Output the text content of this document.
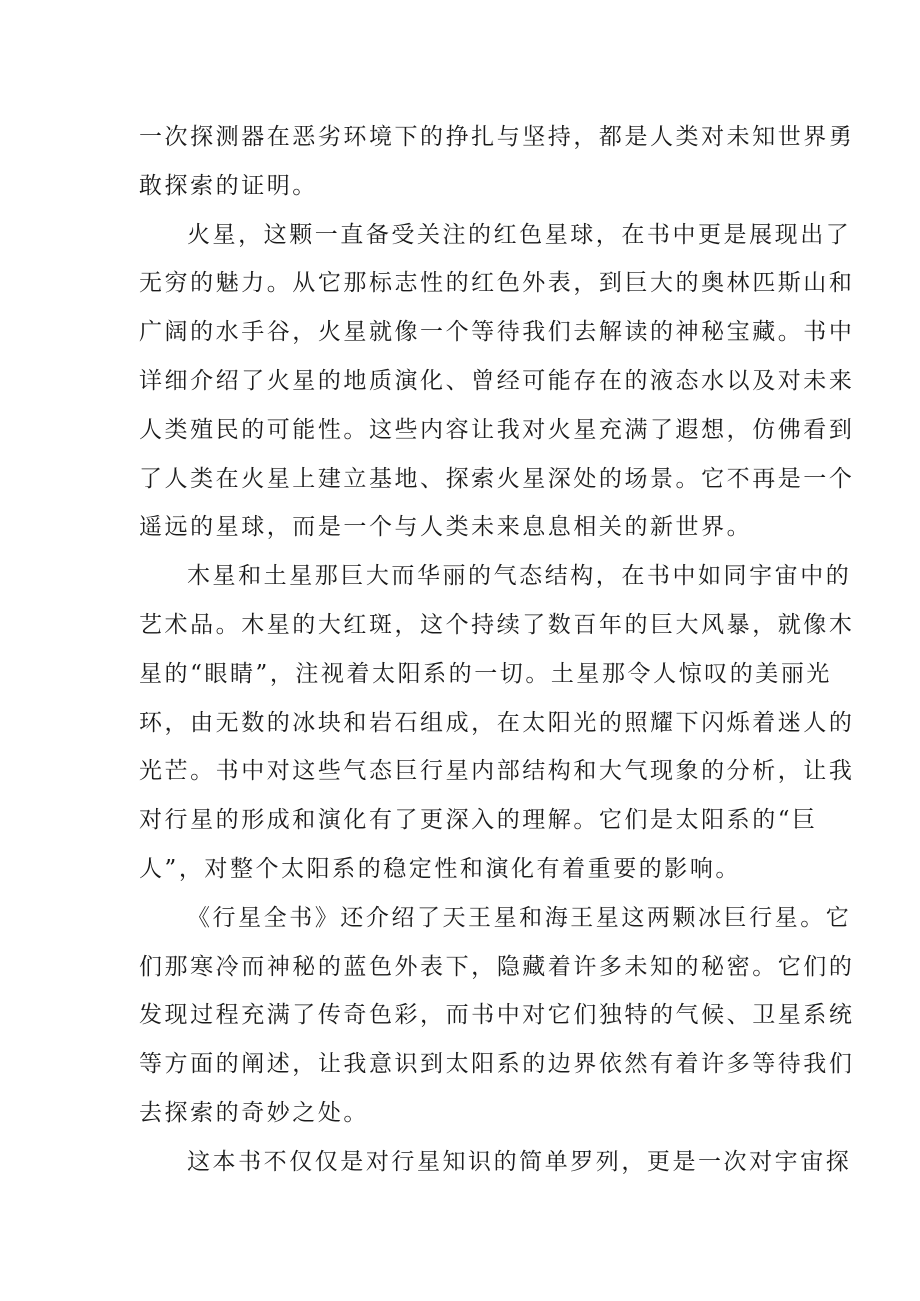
一次探测器在恶劣环境下的挣扎与坚持，都是人类对未知世界勇
敢探索的证明。
火星，这颗一直备受关注的红色星球，在书中更是展现出了
无穷的魅力。从它那标志性的红色外表，到巨大的奥林匹斯山和
广阔的水手谷，火星就像一个等待我们去解读的神秘宝藏。书中
详细介绍了火星的地质演化、曾经可能存在的液态水以及对未来
人类殖民的可能性。这些内容让我对火星充满了遐想，仿佛看到
了人类在火星上建立基地、探索火星深处的场景。它不再是一个
遥远的星球，而是一个与人类未来息息相关的新世界。
木星和土星那巨大而华丽的气态结构，在书中如同宇宙中的
艺术品。木星的大红斑，这个持续了数百年的巨大风暴，就像木
星的“眼睛”，注视着太阳系的一切。土星那令人惊叹的美丽光
环，由无数的冰块和岩石组成，在太阳光的照耀下闪烁着迷人的
光芒。书中对这些气态巨行星内部结构和大气现象的分析，让我
对行星的形成和演化有了更深入的理解。它们是太阳系的“巨
人”，对整个太阳系的稳定性和演化有着重要的影响。
《行星全书》还介绍了天王星和海王星这两颗冰巨行星。它
们那寒冷而神秘的蓝色外表下，隐藏着许多未知的秘密。它们的
发现过程充满了传奇色彩，而书中对它们独特的气候、卫星系统
等方面的阐述，让我意识到太阳系的边界依然有着许多等待我们
去探索的奇妙之处。
这本书不仅仅是对行星知识的简单罗列，更是一次对宇宙探
